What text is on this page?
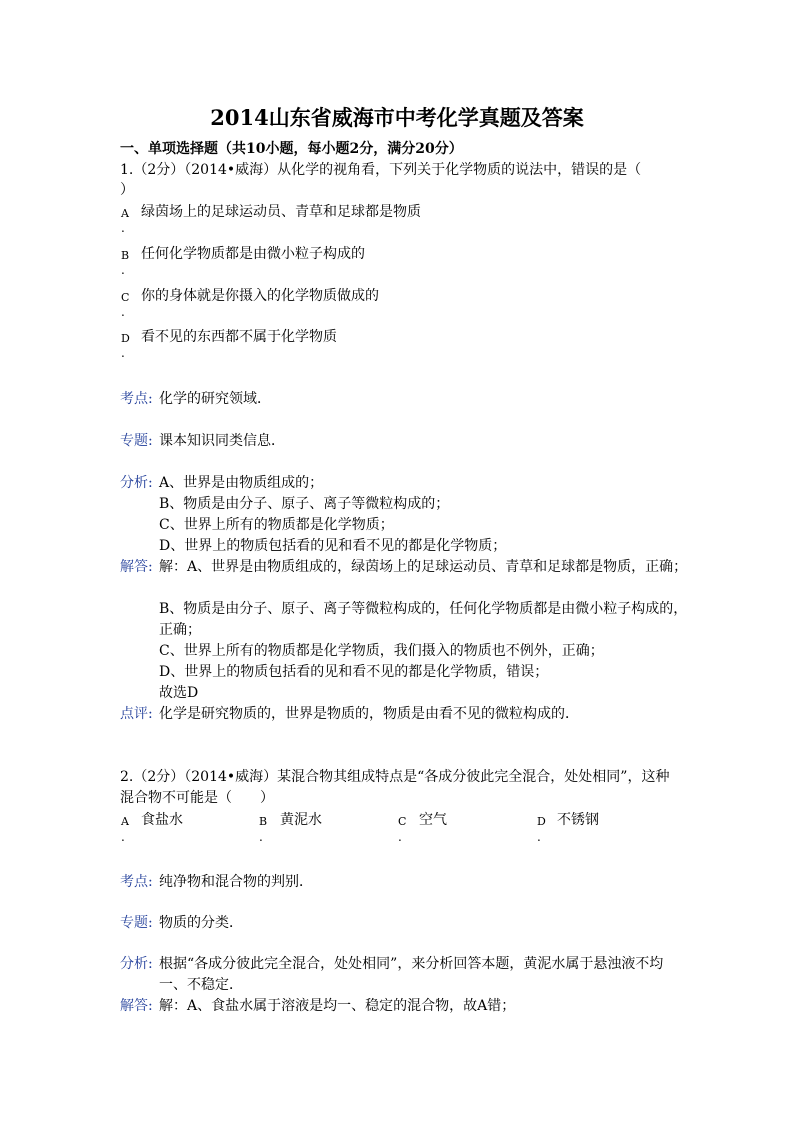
2014山东省威海市中考化学真题及答案
一、单项选择题（共10小题，每小题2分，满分20分）
1.（2分）（2014•威海）从化学的视角看，下列关于化学物质的说法中，错误的是（
）
A 绿茵场上的足球运动员、青草和足球都是物质
.
B 任何化学物质都是由微小粒子构成的
.
C 你的身体就是你摄入的化学物质做成的
.
D 看不见的东西都不属于化学物质
.
考点: 化学的研究领域．
专题: 课本知识同类信息．
分析: A、世界是由物质组成的；
B、物质是由分子、原子、离子等微粒构成的；
C、世界上所有的物质都是化学物质；
D、世界上的物质包括看的见和看不见的都是化学物质；
解答: 解：A、世界是由物质组成的，绿茵场上的足球运动员、青草和足球都是物质，正确；
B、物质是由分子、原子、离子等微粒构成的，任何化学物质都是由微小粒子构成的，
正确；
C、世界上所有的物质都是化学物质，我们摄入的物质也不例外，正确；
D、世界上的物质包括看的见和看不见的都是化学物质，错误；
故选D
点评: 化学是研究物质的，世界是物质的，物质是由看不见的微粒构成的．
2.（2分）（2014•威海）某混合物其组成特点是“各成分彼此完全混合，处处相同”，这种
混合物不可能是（　　）
A 食盐水
.
B 黄泥水
.
C 空气
.
D 不锈钢
.
考点: 纯净物和混合物的判别．
专题: 物质的分类．
分析: 根据“各成分彼此完全混合，处处相同”，来分析回答本题，黄泥水属于悬浊液不均
一、不稳定．
解答: 解：A、食盐水属于溶液是均一、稳定的混合物，故A错；
